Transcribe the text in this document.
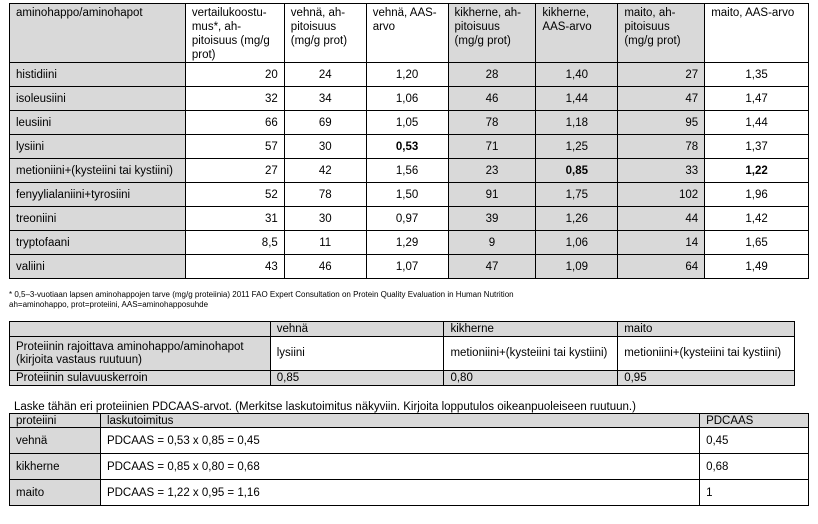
aminohappo/aminohapot	vertailukoostu-mus*, ah-pitoisuus (mg/g prot)	vehnä, ah-pitoisuus (mg/g prot)	vehnä, AAS-arvo	kikherne, ah-pitoisuus (mg/g prot)	kikherne, AAS-arvo	maito, ah-pitoisuus (mg/g prot)	maito, AAS-arvo
histidiini	20	24	1,20	28	1,40	27	1,35
isoleusiini	32	34	1,06	46	1,44	47	1,47
leusiini	66	69	1,05	78	1,18	95	1,44
lysiini	57	30	0,53	71	1,25	78	1,37
metioniini+(kysteiini tai kystiini)	27	42	1,56	23	0,85	33	1,22
fenyylialaniini+tyrosiini	52	78	1,50	91	1,75	102	1,96
treoniini	31	30	0,97	39	1,26	44	1,42
tryptofaani	8,5	11	1,29	9	1,06	14	1,65
valiini	43	46	1,07	47	1,09	64	1,49
* 0,5–3-vuotiaan lapsen aminohappojen tarve (mg/g proteiinia) 2011 FAO Expert Consultation on Protein Quality Evaluation in Human Nutrition
ah=aminohappo, prot=proteiini, AAS=aminohapposuhde
	vehnä	kikherne	maito
Proteiinin rajoittava aminohappo/aminohapot (kirjoita vastaus ruutuun)	lysiini	metioniini+(kysteiini tai kystiini)	metioniini+(kysteiini tai kystiini)
Proteiinin sulavuuskerroin	0,85	0,80	0,95
Laske tähän eri proteiinien PDCAAS-arvot. (Merkitse laskutoimitus näkyviin. Kirjoita lopputulos oikeanpuoleiseen ruutuun.)
proteiini	laskutoimitus	PDCAAS
vehnä	PDCAAS = 0,53 x 0,85 = 0,45	0,45
kikherne	PDCAAS = 0,85 x 0,80 = 0,68	0,68
maito	PDCAAS = 1,22 x 0,95 = 1,16	1
